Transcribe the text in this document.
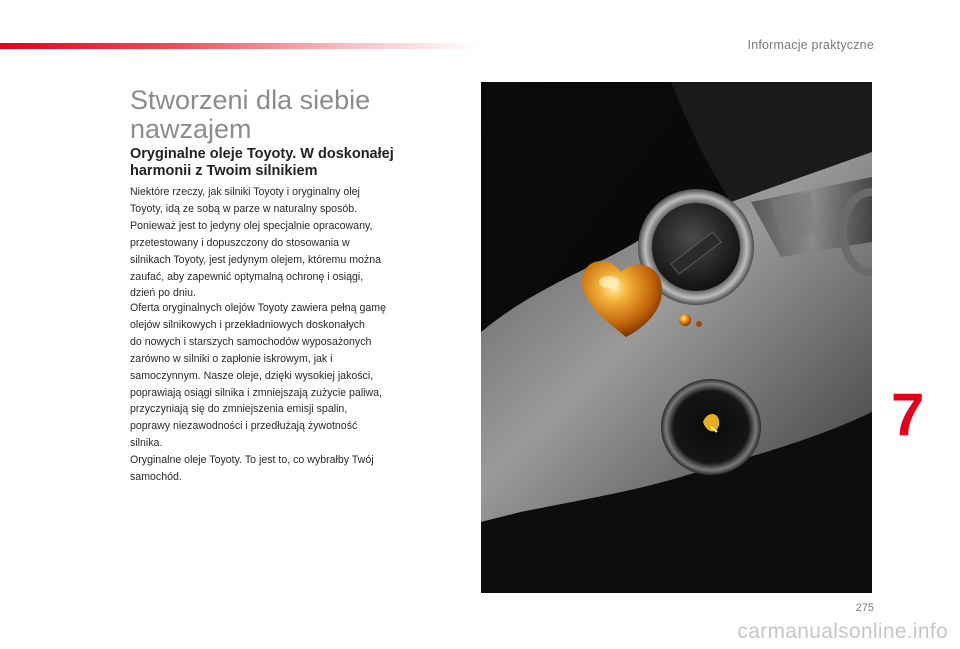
Informacje praktyczne
Stworzeni dla siebie
nawzajem
Oryginalne oleje Toyoty. W doskonałej
harmonii z Twoim silnikiem

Niektóre rzeczy, jak silniki Toyoty i oryginalny olej
Toyoty, idą ze sobą w parze w naturalny sposób.
Ponieważ jest to jedyny olej specjalnie opracowany,
przetestowany i dopuszczony do stosowania w
silnikach Toyoty, jest jedynym olejem, któremu można
zaufać, aby zapewnić optymalną ochronę i osiągi,
dzień po dniu.

Oferta oryginalnych olejów Toyoty zawiera pełną gamę
olejów silnikowych i przekładniowych doskonałych
do nowych i starszych samochodów wyposażonych
zarówno w silniki o zapłonie iskrowym, jak i
samoczynnym. Nasze oleje, dzięki wysokiej jakości,
poprawiają osiągi silnika i zmniejszają zużycie paliwa,
przyczyniają się do zmniejszenia emisji spalin,
poprawy niezawodności i przedłużają żywotność
silnika.
Oryginalne oleje Toyoty. To jest to, co wybrałby Twój
samochód.

7
275
carmanualsonline.info
